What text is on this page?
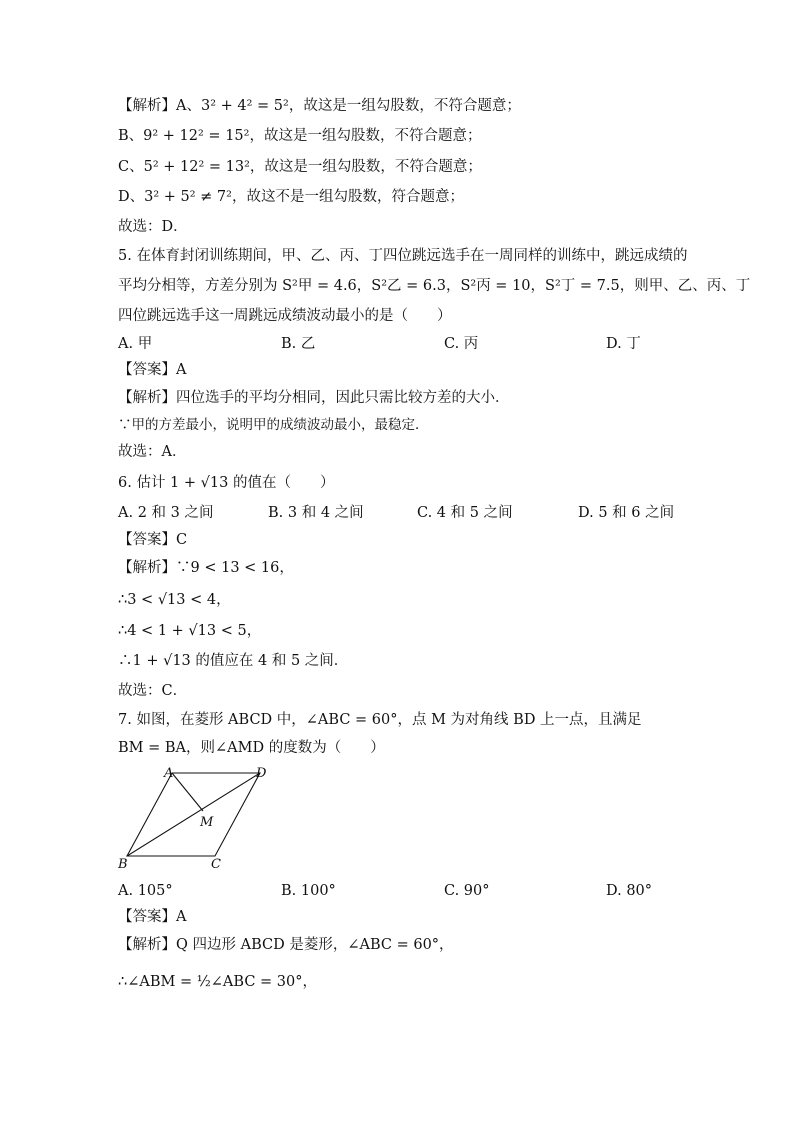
【解析】A、3² + 4² = 5²，故这是一组勾股数，不符合题意；
B、9² + 12² = 15²，故这是一组勾股数，不符合题意；
C、5² + 12² = 13²，故这是一组勾股数，不符合题意；
D、3² + 5² ≠ 7²，故这不是一组勾股数，符合题意；
故选：D．
5. 在体育封闭训练期间，甲、乙、丙、丁四位跳远选手在一周同样的训练中，跳远成绩的
平均分相等，方差分别为 S²甲 = 4.6，S²乙 = 6.3，S²丙 = 10，S²丁 = 7.5，则甲、乙、丙、丁
四位跳远选手这一周跳远成绩波动最小的是（　　）
A. 甲	B. 乙	C. 丙	D. 丁
【答案】A
【解析】四位选手的平均分相同，因此只需比较方差的大小．
∵甲的方差最小，说明甲的成绩波动最小，最稳定．
故选：A．
6. 估计 1 + √13 的值在（　　）
A. 2 和 3 之间	B. 3 和 4 之间	C. 4 和 5 之间	D. 5 和 6 之间
【答案】C
【解析】∵9 < 13 < 16，
∴3 < √13 < 4，
∴4 < 1 + √13 < 5，
∴1 + √13 的值应在 4 和 5 之间．
故选：C．
7. 如图，在菱形 ABCD 中，∠ABC = 60°，点 M 为对角线 BD 上一点，且满足
BM = BA，则∠AMD 的度数为（　　）
A	D
M
B	C
A. 105°	B. 100°	C. 90°	D. 80°
【答案】A
【解析】Q 四边形 ABCD 是菱形，∠ABC = 60°，
∴∠ABM = ½∠ABC = 30°，
